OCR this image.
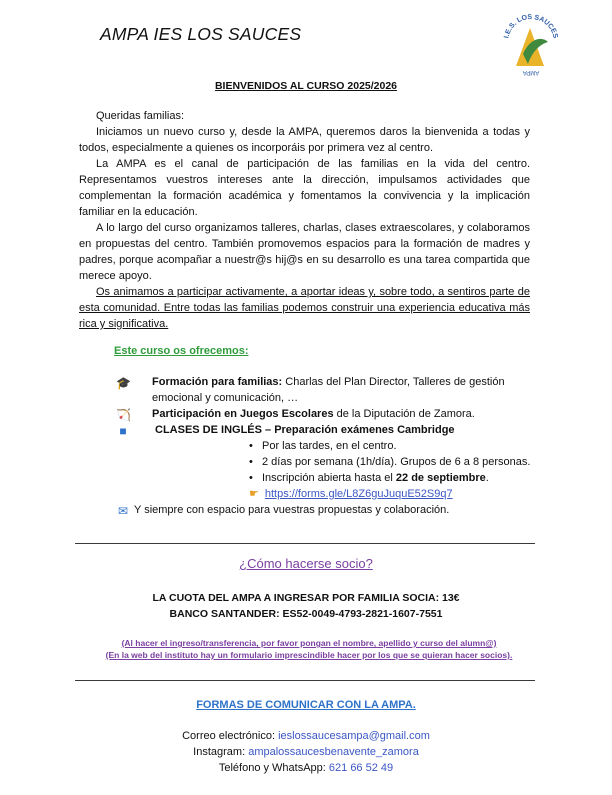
AMPA IES LOS SAUCES	I.E.S. LOS SAUCES
AMPA
BIENVENIDOS AL CURSO 2025/2026

Queridas familias:

Iniciamos un nuevo curso y, desde la AMPA, queremos daros la bienvenida a todas y todos, especialmente a quienes os incorporáis por primera vez al centro.

La AMPA es el canal de participación de las familias en la vida del centro. Representamos vuestros intereses ante la dirección, impulsamos actividades que complementan la formación académica y fomentamos la convivencia y la implicación familiar en la educación.

A lo largo del curso organizamos talleres, charlas, clases extraescolares, y colaboramos en propuestas del centro. También promovemos espacios para la formación de madres y padres, porque acompañar a nuestr@s hij@s en su desarrollo es una tarea compartida que merece apoyo.

Os animamos a participar activamente, a aportar ideas y, sobre todo, a sentiros parte de esta comunidad. Entre todas las familias podemos construir una experiencia educativa más rica y significativa.

Este curso os ofrecemos:
🎓 Formación para familias: Charlas del Plan Director, Talleres de gestión emocional y comunicación, …
🏹 Participación en Juegos Escolares de la Diputación de Zamora.
■	CLASES DE INGLÉS – Preparación exámenes Cambridge
• Por las tardes, en el centro.
• 2 días por semana (1h/día). Grupos de 6 a 8 personas.
• Inscripción abierta hasta el 22 de septiembre.
☛ https://forms.gle/L8Z6guJuquE52S9q7
✉ Y siempre con espacio para vuestras propuestas y colaboración.
¿Cómo hacerse socio?
LA CUOTA DEL AMPA A INGRESAR POR FAMILIA SOCIA: 13€
BANCO SANTANDER: ES52-0049-4793-2821-1607-7551
(Al hacer el ingreso/transferencia, por favor pongan el nombre, apellido y curso del alumn@)
(En la web del instituto hay un formulario imprescindible hacer por los que se quieran hacer socios).
FORMAS DE COMUNICAR CON LA AMPA.
Correo electrónico: ieslossaucesampa@gmail.com
Instagram: ampalossaucesbenavente_zamora
Teléfono y WhatsApp: 621 66 52 49
